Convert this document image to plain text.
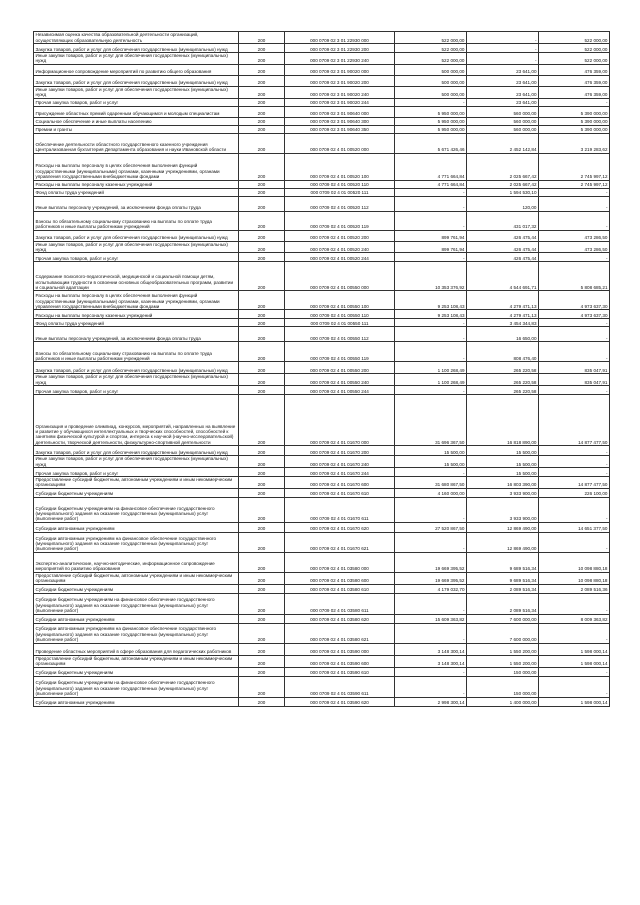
Независимая оценка качества образовательной деятельности организаций, осуществляющих образовательную деятельность	200	000 0709 02 3 01 22930 000	522 000,00	-	522 000,00
Закупка товаров, работ и услуг для обеспечения государственных (муниципальных) нужд	200	000 0709 02 3 01 22930 200	522 000,00	-	522 000,00
Иные закупки товаров, работ и услуг для обеспечения государственных (муниципальных) нужд	200	000 0709 02 3 01 22930 240	522 000,00	-	522 000,00
Информационное сопровождение мероприятий по развитию общего образования	200	000 0709 02 3 01 90020 000	500 000,00	23 641,00	476 359,00
Закупка товаров, работ и услуг для обеспечения государственных (муниципальных) нужд	200	000 0709 02 3 01 90020 200	500 000,00	23 641,00	476 359,00
Иные закупки товаров, работ и услуг для обеспечения государственных (муниципальных) нужд	200	000 0709 02 3 01 90020 240	500 000,00	23 641,00	476 359,00
Прочая закупка товаров, работ и услуг	200	000 0709 02 3 01 90020 244	-	23 641,00	-
Присуждение областных премий одаренным обучающимся и молодым специалистам	200	000 0709 02 3 01 90640 000	5 950 000,00	560 000,00	5 390 000,00
Социальное обеспечение и иные выплаты населению	200	000 0709 02 3 01 90640 300	5 950 000,00	560 000,00	5 390 000,00
Премии и гранты	200	000 0709 02 3 01 90640 350	5 950 000,00	560 000,00	5 390 000,00
Обеспечение деятельности областного государственного казенного учреждения Централизованная бухгалтерия Департамента образования и науки Ивановской области	200	000 0709 02 4 01 00520 000	5 671 426,46	2 452 142,84	3 219 283,62
Расходы на выплаты персоналу в целях обеспечения выполнения функций государственными (муниципальными) органами, казенными учреждениями, органами управления государственными внебюджетными фондами	200	000 0709 02 4 01 00520 100	4 771 664,84	2 025 667,42	2 745 997,12
Расходы на выплаты персоналу казенных учреждений	200	000 0709 02 4 01 00520 110	4 771 664,84	2 025 667,42	2 745 997,12
Фонд оплаты труда учреждений	200	000 0709 02 4 01 00520 111	-	1 594 530,10	-
Иные выплаты персоналу учреждений, за исключением фонда оплаты труда	200	000 0709 02 4 01 00520 112	-	120,00	-
Взносы по обязательному социальному страхованию на выплаты по оплате труда работников и иные выплаты работникам учреждений	200	000 0709 02 4 01 00520 119	-	431 017,32	-
Закупка товаров, работ и услуг для обеспечения государственных (муниципальных) нужд	200	000 0709 02 4 01 00520 200	899 761,94	426 475,44	473 286,50
Иные закупки товаров, работ и услуг для обеспечения государственных (муниципальных) нужд	200	000 0709 02 4 01 00520 240	899 761,94	426 475,44	473 286,50
Прочая закупка товаров, работ и услуг	200	000 0709 02 4 01 00520 244	-	426 475,44	-
Содержание психолого-педагогической, медицинской и социальной помощи детям, испытывающим трудности в освоении основных общеобразовательных программ, развитии и социальной адаптации	200	000 0709 02 4 01 00550 000	10 353 376,92	4 544 691,71	5 808 685,21
Расходы на выплаты персоналу в целях обеспечения выполнения функций государственными (муниципальными) органами, казенными учреждениями, органами управления государственными внебюджетными фондами	200	000 0709 02 4 01 00550 100	9 253 108,43	4 279 471,13	4 973 637,30
Расходы на выплаты персоналу казенных учреждений	200	000 0709 02 4 01 00550 110	9 253 108,43	4 279 471,13	4 973 637,30
Фонд оплаты труда учреждений	200	000 0709 02 4 01 00550 111	-	3 454 344,83	-
Иные выплаты персоналу учреждений, за исключением фонда оплаты труда	200	000 0709 02 4 01 00550 112	-	16 650,00	-
Взносы по обязательному социальному страхованию на выплаты по оплате труда работников и иные выплаты работникам учреждений	200	000 0709 02 4 01 00550 119	-	808 476,40	-
Закупка товаров, работ и услуг для обеспечения государственных (муниципальных) нужд	200	000 0709 02 4 01 00550 200	1 100 268,49	265 220,58	835 047,91
Иные закупки товаров, работ и услуг для обеспечения государственных (муниципальных) нужд	200	000 0709 02 4 01 00550 240	1 100 268,49	265 220,58	835 047,91
Прочая закупка товаров, работ и услуг	200	000 0709 02 4 01 00550 244	-	265 220,58	-
Организация и проведение олимпиад, конкурсов, мероприятий, направленных на выявление и развитие у обучающихся интеллектуальных и творческих способностей, способностей к занятиям физической культурой и спортом, интереса к научной (научно-исследовательской) деятельности, творческой деятельности, физкультурно-спортивной деятельности	200	000 0709 02 4 01 01670 000	31 696 367,50	16 818 890,00	14 877 477,50
Закупка товаров, работ и услуг для обеспечения государственных (муниципальных) нужд	200	000 0709 02 4 01 01670 200	15 500,00	15 500,00	-
Иные закупки товаров, работ и услуг для обеспечения государственных (муниципальных) нужд	200	000 0709 02 4 01 01670 240	15 500,00	15 500,00	-
Прочая закупка товаров, работ и услуг	200	000 0709 02 4 01 01670 244	-	15 500,00	-
Предоставление субсидий бюджетным, автономным учреждениям и иным некоммерческим организациям	200	000 0709 02 4 01 01670 600	31 680 867,50	16 803 390,00	14 877 477,50
Субсидии бюджетным учреждениям	200	000 0709 02 4 01 01670 610	4 160 000,00	3 933 900,00	226 100,00
Субсидии бюджетным учреждениям на финансовое обеспечение государственного (муниципального) задания на оказание государственных (муниципальных) услуг (выполнение работ)	200	000 0709 02 4 01 01670 611	-	3 933 900,00	-
Субсидии автономным учреждениям	200	000 0709 02 4 01 01670 620	27 520 867,50	12 869 490,00	14 651 377,50
Субсидии автономным учреждениям на финансовое обеспечение государственного (муниципального) задания на оказание государственных (муниципальных) услуг (выполнение работ)	200	000 0709 02 4 01 01670 621	-	12 869 490,00	-
Экспертно-аналитические, научно-методические, информационное сопровождение мероприятий по развитию образования	200	000 0709 02 4 01 03580 000	19 669 395,52	9 689 516,34	10 098 880,18
Предоставление субсидий бюджетным, автономным учреждениям и иным некоммерческим организациям	200	000 0709 02 4 01 03580 600	19 669 395,52	9 689 516,34	10 098 880,18
Субсидии бюджетным учреждениям	200	000 0709 02 4 01 03580 610	4 179 032,70	2 089 516,34	2 089 516,36
Субсидии бюджетным учреждениям на финансовое обеспечение государственного (муниципального) задания на оказание государственных (муниципальных) услуг (выполнение работ)	200	000 0709 02 4 01 03580 611	-	2 089 516,34	-
Субсидии автономным учреждениям	200	000 0709 02 4 01 03580 620	15 609 363,82	7 600 000,00	8 009 363,82
Субсидии автономным учреждениям на финансовое обеспечение государственного (муниципального) задания на оказание государственных (муниципальных) услуг (выполнение работ)	200	000 0709 02 4 01 03580 621	-	7 600 000,00	-
Проведение областных мероприятий в сфере образования для педагогических работников	200	000 0709 02 4 01 03590 000	3 148 300,14	1 550 200,00	1 598 000,14
Предоставление субсидий бюджетным, автономным учреждениям и иным некоммерческим организациям	200	000 0709 02 4 01 03590 600	3 148 300,14	1 550 200,00	1 598 000,14
Субсидии бюджетным учреждениям	200	000 0709 02 4 01 03590 610	-	150 000,00	-
Субсидии бюджетным учреждениям на финансовое обеспечение государственного (муниципального) задания на оказание государственных (муниципальных) услуг (выполнение работ)	200	000 0709 02 4 01 03590 611	-	150 000,00	-
Субсидии автономным учреждениям	200	000 0709 02 4 01 03590 620	2 998 300,14	1 400 000,00	1 598 000,14
